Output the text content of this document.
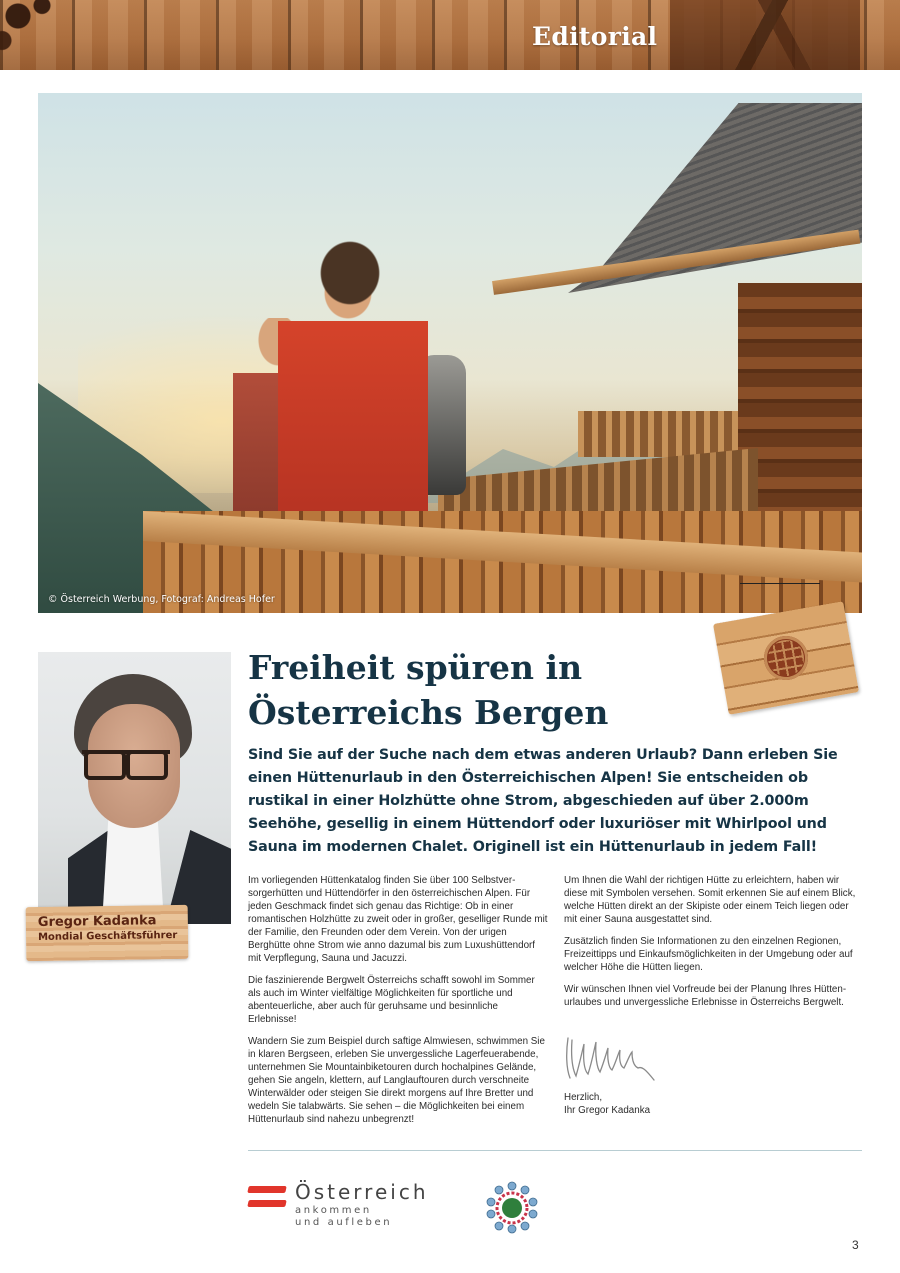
Editorial
© Österreich Werbung, Fotograf: Andreas Hofer
Gregor Kadanka
Mondial Geschäftsführer
Freiheit spüren in
Österreichs Bergen

Sind Sie auf der Suche nach dem etwas anderen Urlaub? Dann erleben Sie einen Hüttenurlaub in den Österreichischen Alpen! Sie entscheiden ob rustikal in einer Holzhütte ohne Strom, abgeschieden auf über 2.000m Seehöhe, gesellig in einem Hüttendorf oder luxuriöser mit Whirlpool und Sauna im modernen Chalet. Originell ist ein Hüttenurlaub in jedem Fall!

Im vorliegenden Hüttenkatalog finden Sie über 100 Selbstversorgerhütten und Hüttendörfer in den österreichischen Alpen. Für jeden Geschmack findet sich genau das Richtige: Ob in einer romantischen Holzhütte zu zweit oder in großer, geselliger Runde mit der Familie, den Freunden oder dem Verein. Von der urigen Berghütte ohne Strom wie anno dazumal bis zum Luxushüttendorf mit Verpflegung, Sauna und Jacuzzi.

Die faszinierende Bergwelt Österreichs schafft sowohl im Sommer als auch im Winter vielfältige Möglichkeiten für sportliche und abenteuerliche, aber auch für geruhsame und besinnliche Erlebnisse!

Wandern Sie zum Beispiel durch saftige Almwiesen, schwimmen Sie in klaren Bergseen, erleben Sie unvergessliche Lagerfeuerabende, unternehmen Sie Mountainbiketouren durch hochalpines Gelände, gehen Sie angeln, klettern, auf Langlauftouren durch verschneite Winterwälder oder steigen Sie direkt morgens auf Ihre Bretter und wedeln Sie talabwärts. Sie sehen – die Möglichkeiten bei einem Hüttenurlaub sind nahezu unbegrenzt!

Um Ihnen die Wahl der richtigen Hütte zu erleichtern, haben wir diese mit Symbolen versehen. Somit erkennen Sie auf einem Blick, welche Hütten direkt an der Skipiste oder einem Teich liegen oder mit einer Sauna ausgestattet sind.

Zusätzlich finden Sie Informationen zu den einzelnen Regionen, Freizeittipps und Einkaufsmöglichkeiten in der Umgebung oder auf welcher Höhe die Hütten liegen.

Wir wünschen Ihnen viel Vorfreude bei der Planung Ihres Hüttenurlaubes und unvergessliche Erlebnisse in Österreichs Bergwelt.

Herzlich,
Ihr Gregor Kadanka
Österreich
ankommen
und aufleben
3
